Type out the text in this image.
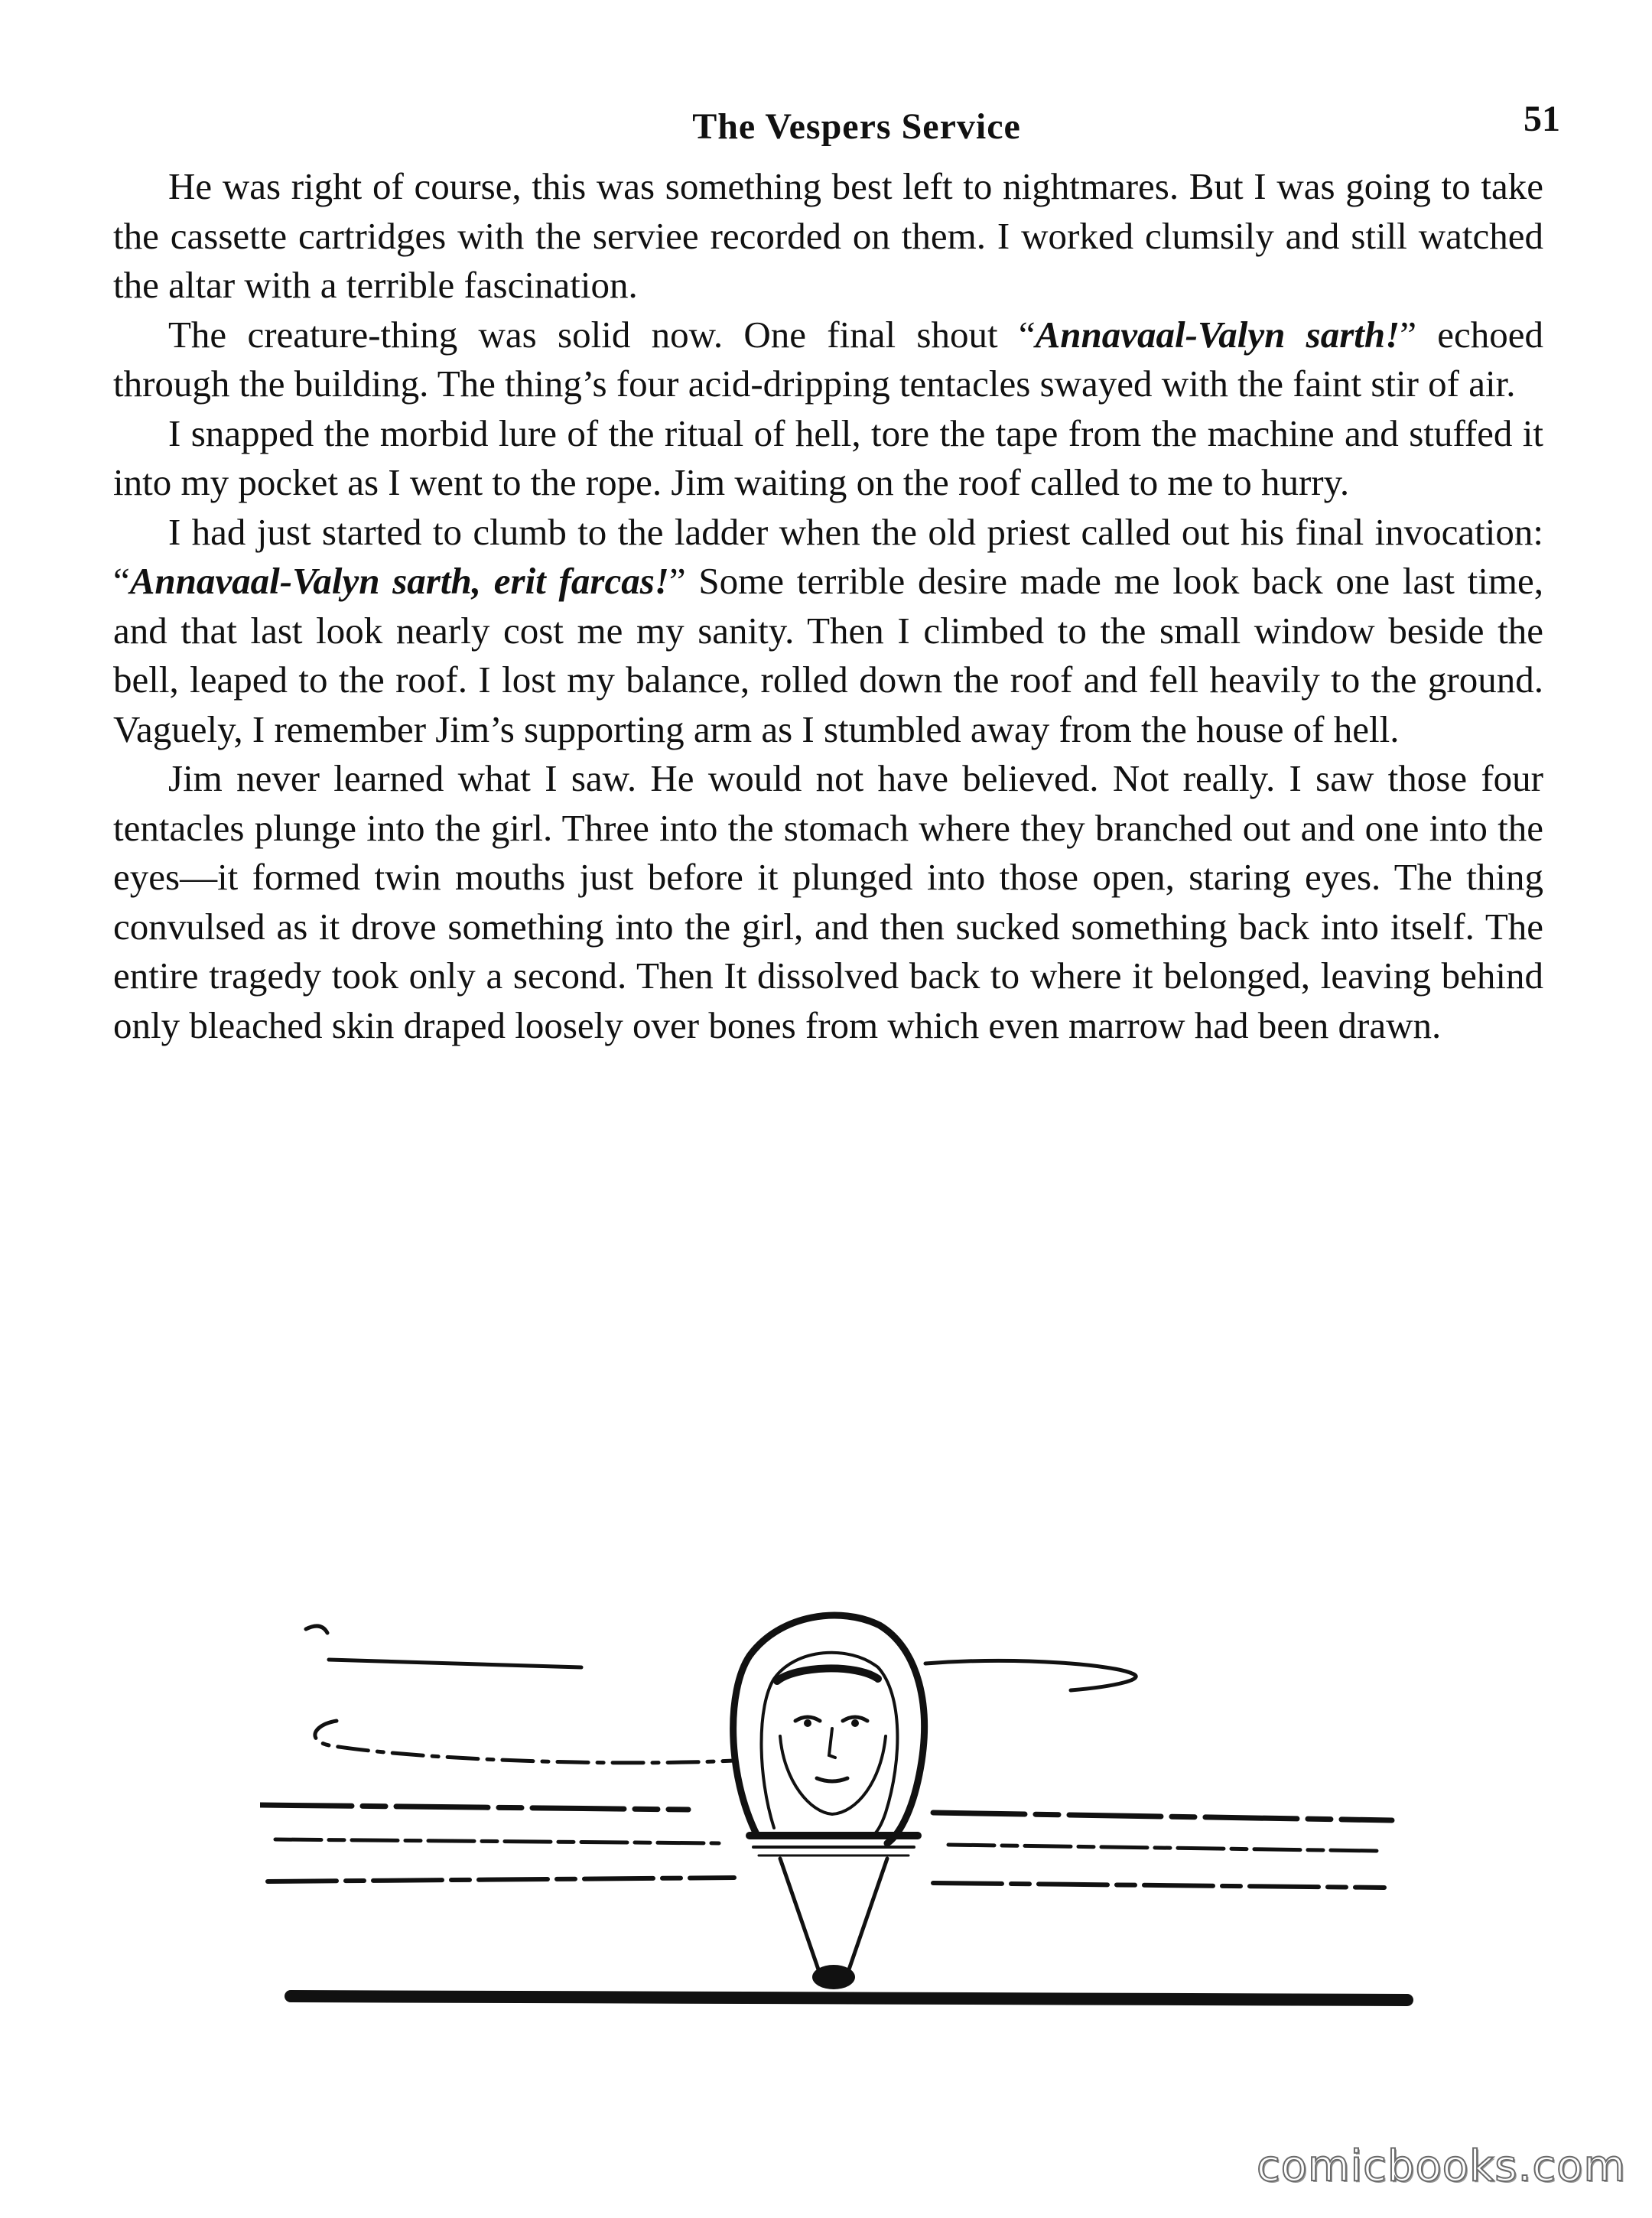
The Vespers Service	51

He was right of course, this was something best left to nightmares. But I was going to take the cassette cartridges with the serviee recorded on them. I worked clumsily and still watched the altar with a terrible fascination.

The creature-thing was solid now. One final shout “Annavaal-Valyn sarth!” echoed through the building. The thing’s four acid-dripping tentacles swayed with the faint stir of air.

I snapped the morbid lure of the ritual of hell, tore the tape from the machine and stuffed it into my pocket as I went to the rope. Jim waiting on the roof called to me to hurry.

I had just started to clumb to the ladder when the old priest called out his final invocation: “Annavaal-Valyn sarth, erit farcas!” Some terrible desire made me look back one last time, and that last look nearly cost me my sanity. Then I climbed to the small window beside the bell, leaped to the roof. I lost my balance, rolled down the roof and fell heavily to the ground. Vaguely, I remember Jim’s supporting arm as I stumbled away from the house of hell.

Jim never learned what I saw. He would not have believed. Not really. I saw those four tentacles plunge into the girl. Three into the stomach where they branched out and one into the eyes—it formed twin mouths just before it plunged into those open, staring eyes. The thing convulsed as it drove something into the girl, and then sucked something back into itself. The entire tragedy took only a second. Then It dissolved back to where it belonged, leaving behind only bleached skin draped loosely over bones from which even marrow had been drawn.

comicbooks.com
